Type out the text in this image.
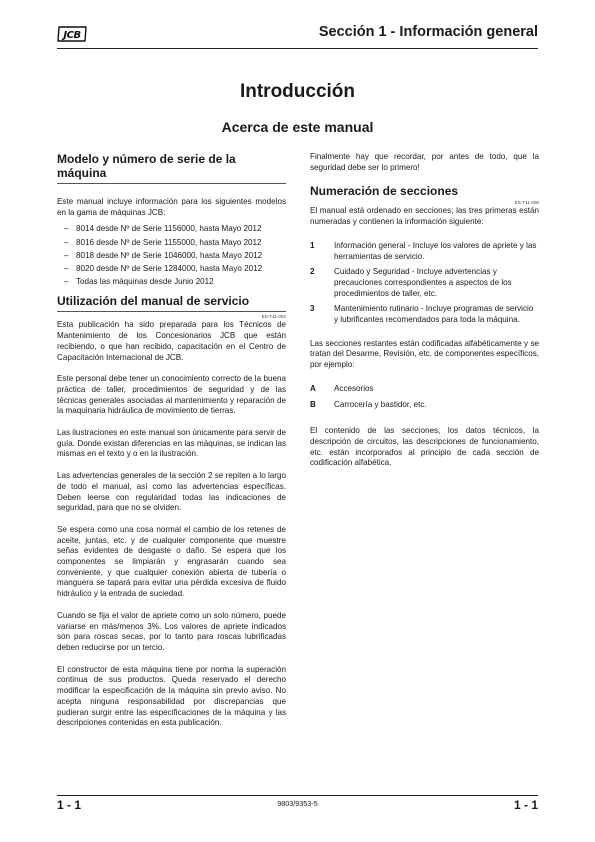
JCB	Sección 1 - Información general
Introducción
Acerca de este manual
Modelo y número de serie de la máquina

Este manual incluye información para los siguientes modelos en la gama de máquinas JCB:

– 8014 desde Nº de Serie 1156000, hasta Mayo 2012
– 8016 desde Nº de Serie 1155000, hasta Mayo 2012
– 8018 desde Nº de Serie 1046000, hasta Mayo 2012
– 8020 desde Nº de Serie 1284000, hasta Mayo 2012
– Todas las máquinas desde Junio 2012
Utilización del manual de servicio
ES-T11-004

Esta publicación ha sido preparada para los Técnicos de Mantenimiento de los Concesionarios JCB que están recibiendo, o que han recibido, capacitación en el Centro de Capacitación Internacional de JCB.

Este personal debe tener un conocimiento correcto de la buena práctica de taller, procedimientos de seguridad y de las técnicas generales asociadas al mantenimiento y reparación de la maquinaria hidráulica de movimiento de tierras.

Las ilustraciones en este manual son únicamente para servir de guía. Donde existan diferencias en las máquinas, se indican las mismas en el texto y o en la ilustración.

Las advertencias generales de la sección 2 se repiten a lo largo de todo el manual, así como las advertencias específicas. Deben leerse con regularidad todas las indicaciones de seguridad, para que no se olviden.

Se espera como una cosa normal el cambio de los retenes de aceite, juntas, etc. y de cualquier componente que muestre señas evidentes de desgaste o daño. Se espera que los componentes se limpiarán y engrasarán cuando sea conveniente, y que cualquier conexión abierta de tubería o manguera se tapará para evitar una pérdida excesiva de fluido hidráulico y la entrada de suciedad.

Cuando se fija el valor de apriete como un solo número, puede variarse en más/menos 3%. Los valores de apriete indicados son para roscas secas, por lo tanto para roscas lubrificadas deben reducirse por un tercio.

El constructor de esta máquina tiene por norma la superación continua de sus productos. Queda reservado el derecho modificar la especificación de la máquina sin previo aviso. No acepta ninguna responsabilidad por discrepancias que pudieran surgir entre las especificaciones de la máquina y las descripciones contenidas en esta publicación.

Finalmente hay que recordar, por antes de todo, que la seguridad debe ser lo primero!

Numeración de secciones
ES-T11-005

El manual está ordenado en secciones; las tres primeras están numeradas y contienen la información siguiente:

1	Información general - Incluye los valores de apriete y las herramientas de servicio.
2	Cuidado y Seguridad - Incluye advertencias y precauciones correspondientes a aspectos de los procedimientos de taller, etc.
3	Mantenimiento rutinario - Incluye programas de servicio y lubrificantes recomendados para toda la máquina.

Las secciones restantes están codificadas alfabéticamente y se tratan del Desarme, Revisión, etc. de componentes específicos, por ejemplo:

A	Accesorios
B	Carrocería y bastidor, etc.

El contenido de las secciones, los datos técnicos, la descripción de circuitos, las descripciones de funcionamiento, etc. están incorporados al principio de cada sección de codificación alfabética.

1 - 1	9803/9353-5	1 - 1
